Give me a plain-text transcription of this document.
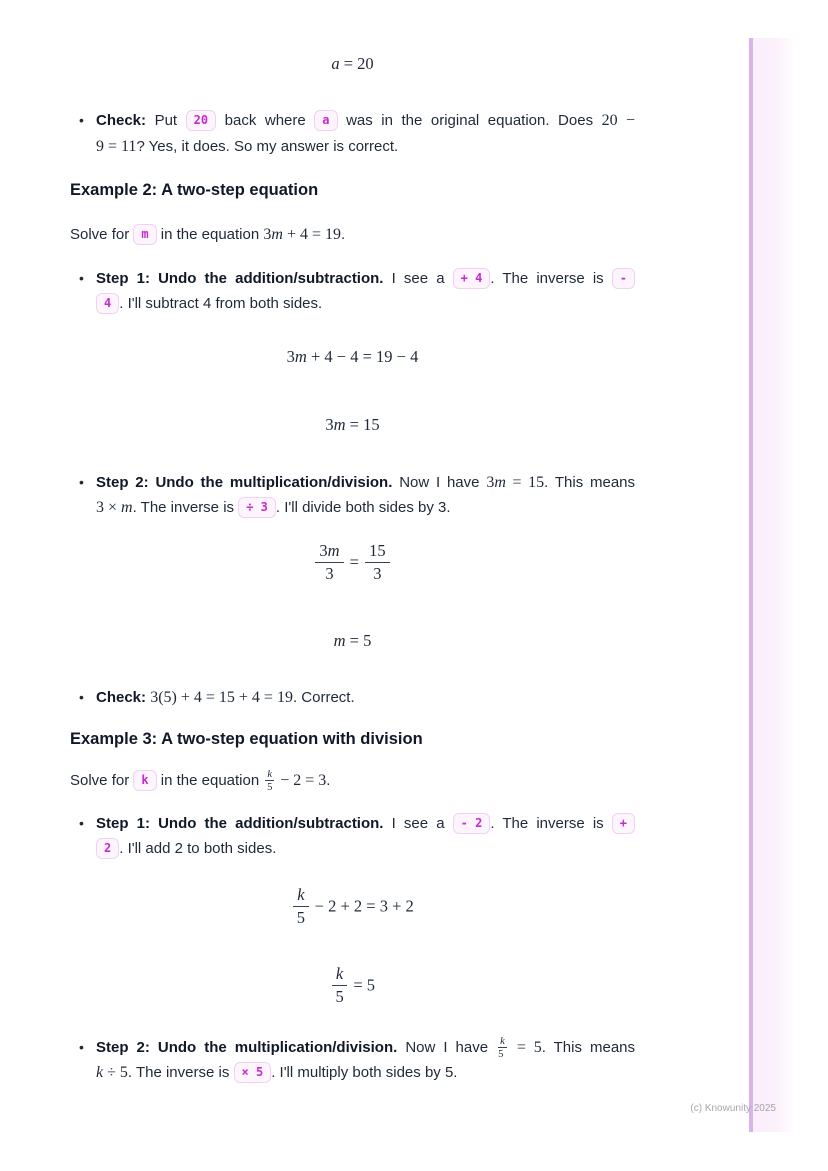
a = 20
• Check: Put 20 back where a was in the original equation. Does 20 −
9 = 11? Yes, it does. So my answer is correct.
Example 2: A two-step equation
Solve for m in the equation 3m + 4 = 19.
• Step 1: Undo the addition/subtraction. I see a + 4 . The inverse is -
4 . I'll subtract 4 from both sides.
3m + 4 − 4 = 19 − 4
3m = 15
• Step 2: Undo the multiplication/division. Now I have 3m = 15. This means
3 × m. The inverse is ÷ 3 . I'll divide both sides by 3.
$\frac{3m}{3} = \frac{15}{3}$
m = 5
• Check: 3(5) + 4 = 15 + 4 = 19. Correct.
Example 3: A two-step equation with division
Solve for k in the equation $\frac{k}{5} - 2 = 3$.
• Step 1: Undo the addition/subtraction. I see a - 2 . The inverse is +
2 . I'll add 2 to both sides.
$\frac{k}{5} - 2 + 2 = 3 + 2$
$\frac{k}{5} = 5$
• Step 2: Undo the multiplication/division. Now I have $\frac{k}{5} = 5$. This means
k ÷ 5. The inverse is × 5 . I'll multiply both sides by 5.
(c) Knowunity 2025
